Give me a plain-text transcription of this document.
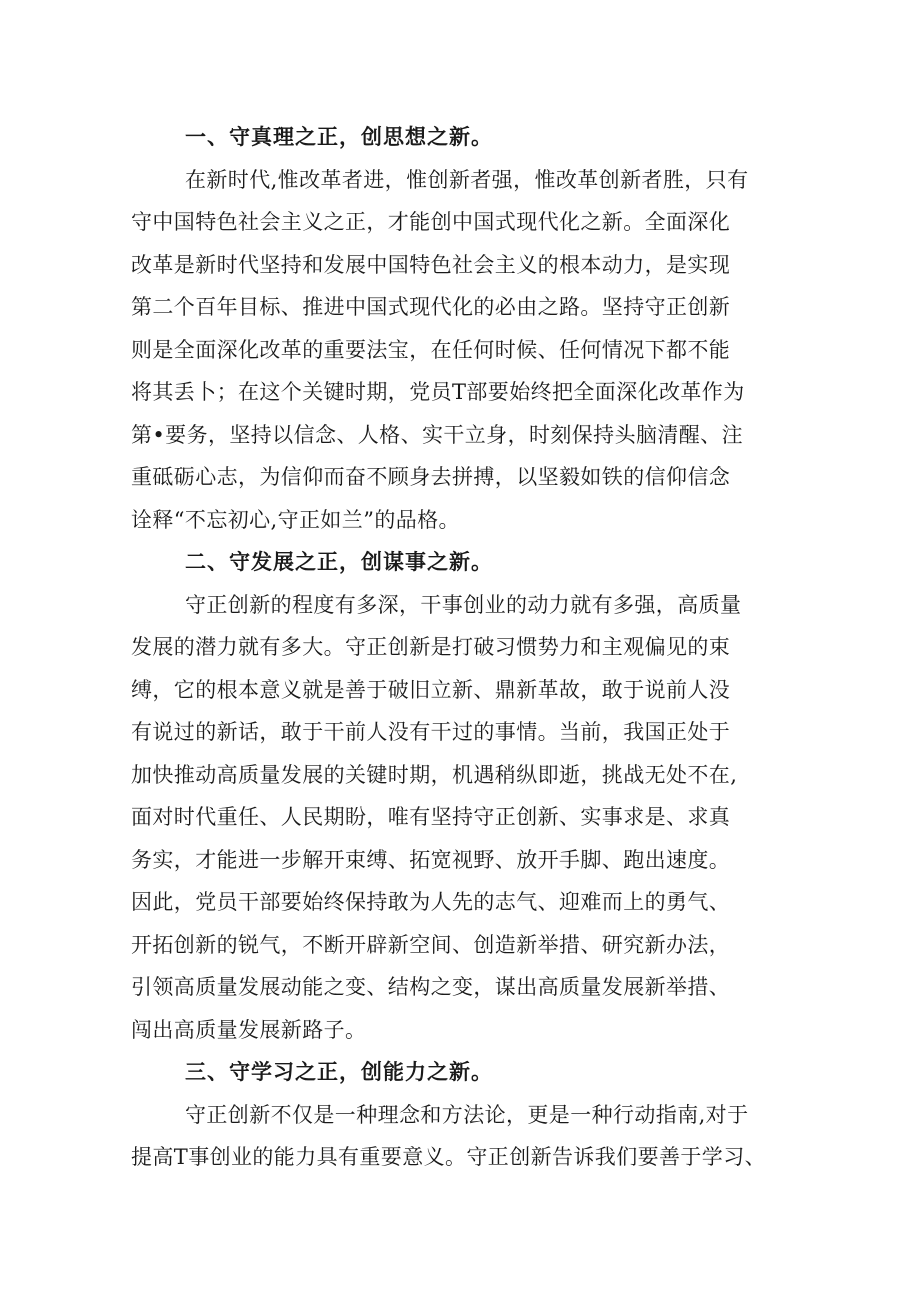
一、守真理之正，创思想之新。
在新时代,惟改革者进，惟创新者强，惟改革创新者胜，只有
守中国特色社会主义之正，才能创中国式现代化之新。全面深化
改革是新时代坚持和发展中国特色社会主义的根本动力，是实现
第二个百年目标、推进中国式现代化的必由之路。坚持守正创新
则是全面深化改革的重要法宝，在任何时候、任何情况下都不能
将其丢卜；在这个关键时期，党员T部要始终把全面深化改革作为
第•要务，坚持以信念、人格、实干立身，时刻保持头脑清醒、注
重砥砺心志，为信仰而奋不顾身去拼搏，以坚毅如铁的信仰信念
诠释“不忘初心,守正如兰”的品格。
二、守发展之正，创谋事之新。
守正创新的程度有多深，干事创业的动力就有多强，高质量
发展的潜力就有多大。守正创新是打破习惯势力和主观偏见的束
缚，它的根本意义就是善于破旧立新、鼎新革故，敢于说前人没
有说过的新话，敢于干前人没有干过的事情。当前，我国正处于
加快推动高质量发展的关键时期，机遇稍纵即逝，挑战无处不在,
面对时代重任、人民期盼，唯有坚持守正创新、实事求是、求真
务实，才能进一步解开束缚、拓宽视野、放开手脚、跑出速度。
因此，党员干部要始终保持敢为人先的志气、迎难而上的勇气、
开拓创新的锐气，不断开辟新空间、创造新举措、研究新办法，
引领高质量发展动能之变、结构之变，谋出高质量发展新举措、
闯出高质量发展新路子。
三、守学习之正，创能力之新。
守正创新不仅是一种理念和方法论，更是一种行动指南,对于
提高T事创业的能力具有重要意义。守正创新告诉我们要善于学习、
